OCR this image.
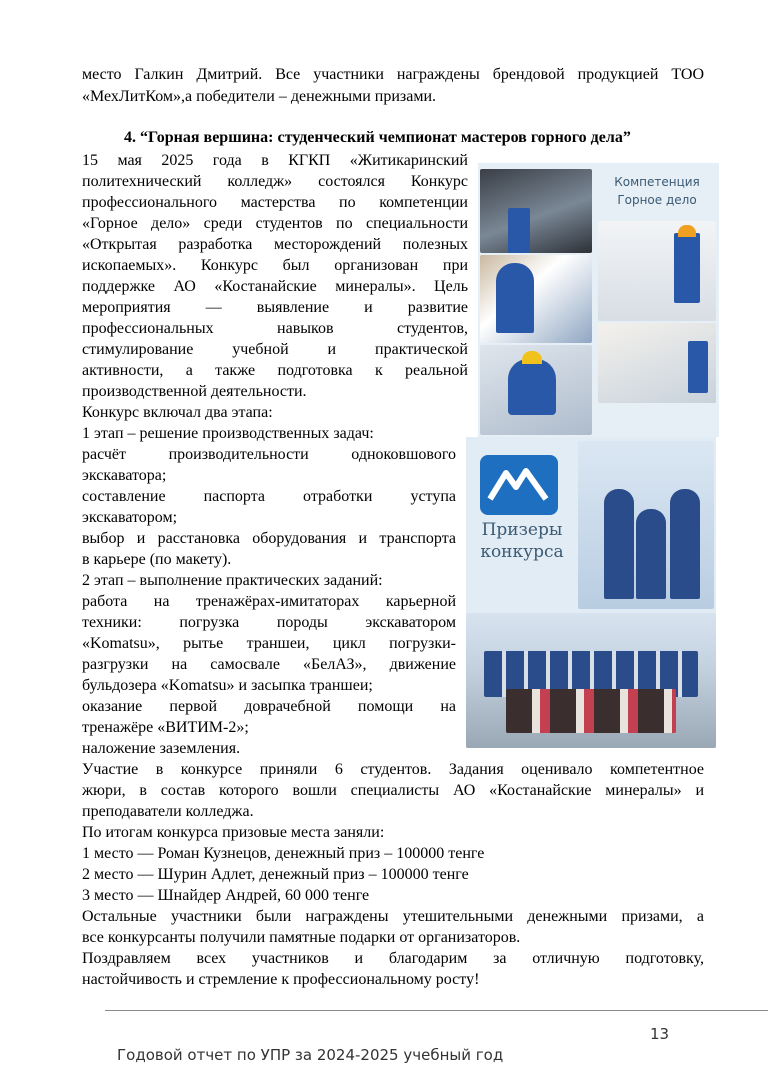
место Галкин Дмитрий. Все участники награждены брендовой продукцией ТОО
«МехЛитКом»,а победители – денежными призами.
4. “Горная вершина: студенческий чемпионат мастеров горного дела”
15 мая 2025 года в КГКП «Житикаринский
политехнический колледж» состоялся Конкурс
профессионального мастерства по компетенции
«Горное дело» среди студентов по специальности
«Открытая разработка месторождений полезных
ископаемых». Конкурс был организован при
поддержке АО «Костанайские минералы». Цель
мероприятия — выявление и развитие
профессиональных навыков студентов,
стимулирование учебной и практической
активности, а также подготовка к реальной
производственной деятельности.
Конкурс включал два этапа:
1 этап – решение производственных задач:
расчёт производительности одноковшового
экскаватора;
составление паспорта отработки уступа
экскаватором;
выбор и расстановка оборудования и транспорта
в карьере (по макету).
2 этап – выполнение практических заданий:
работа на тренажёрах-имитаторах карьерной
техники: погрузка породы экскаватором
«Komatsu», рытье траншеи, цикл погрузки-
разгрузки на самосвале «БелАЗ», движение
бульдозера «Komatsu» и засыпка траншеи;
оказание первой доврачебной помощи на
тренажёре «ВИТИМ-2»;
наложение заземления.
Участие в конкурсе приняли 6 студентов. Задания оценивало компетентное
жюри, в состав которого вошли специалисты АО «Костанайские минералы» и
преподаватели колледжа.
По итогам конкурса призовые места заняли:
1 место — Роман Кузнецов, денежный приз – 100000 тенге
2 место — Шурин Адлет, денежный приз – 100000 тенге
3 место — Шнайдер Андрей, 60 000 тенге
Остальные участники были награждены утешительными денежными призами, а
все конкурсанты получили памятные подарки от организаторов.
Поздравляем всех участников и благодарим за отличную подготовку,
настойчивость и стремление к профессиональному росту!
Компетенция
Горное дело
Призеры
конкурса
13
Годовой отчет по УПР за 2024-2025 учебный год
